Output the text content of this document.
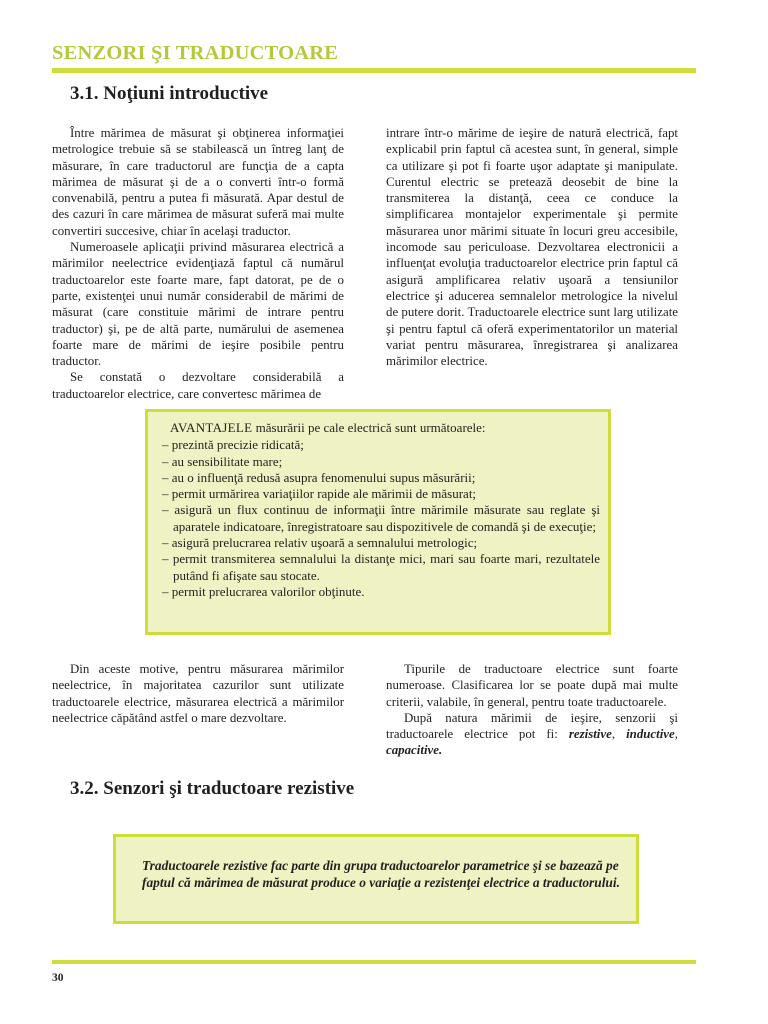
SENZORI ŞI TRADUCTOARE
3.1. Noţiuni introductive

Între mărimea de măsurat şi obţinerea informaţiei metrologice trebuie să se stabilească un întreg lanţ de măsurare, în care traductorul are funcţia de a capta mărimea de măsurat şi de a o converti într-o formă convenabilă, pentru a putea fi măsurată. Apar destul de des cazuri în care mărimea de măsurat suferă mai multe convertiri succesive, chiar în acelaşi traductor.

Numeroasele aplicaţii privind măsurarea electrică a mărimilor neelectrice evidenţiază faptul că numărul traductoarelor este foarte mare, fapt datorat, pe de o parte, existenţei unui număr considerabil de mărimi de măsurat (care constituie mărimi de intrare pentru traductor) şi, pe de altă parte, numărului de asemenea foarte mare de mărimi de ieşire posibile pentru traductor.

Se constată o dezvoltare considerabilă a traductoarelor electrice, care convertesc mărimea de

intrare într-o mărime de ieşire de natură electrică, fapt explicabil prin faptul că acestea sunt, în general, simple ca utilizare şi pot fi foarte uşor adaptate şi manipulate. Curentul electric se pretează deosebit de bine la transmiterea la distanţă, ceea ce conduce la simplificarea montajelor experimentale şi permite măsurarea unor mărimi situate în locuri greu accesibile, incomode sau periculoase. Dezvoltarea electronicii a influenţat evoluţia traductoarelor electrice prin faptul că asigură amplificarea relativ uşoară a tensiunilor electrice şi aducerea semnalelor metrologice la nivelul de putere dorit. Traductoarele electrice sunt larg utilizate şi pentru faptul că oferă experimentatorilor un material variat pentru măsurarea, înregistrarea şi analizarea mărimilor electrice.

AVANTAJELE măsurării pe cale electrică sunt următoarele:

– prezintă precizie ridicată;
– au sensibilitate mare;
– au o influenţă redusă asupra fenomenului supus măsurării;
– permit urmărirea variaţiilor rapide ale mărimii de măsurat;
– asigură un flux continuu de informaţii între mărimile măsurate sau reglate şi aparatele indicatoare, înregistratoare sau dispozitivele de comandă şi de execuţie;
– asigură prelucrarea relativ uşoară a semnalului metrologic;
– permit transmiterea semnalului la distanţe mici, mari sau foarte mari, rezultatele putând fi afişate sau stocate.
– permit prelucrarea valorilor obţinute.

Din aceste motive, pentru măsurarea mărimilor neelectrice, în majoritatea cazurilor sunt utilizate traductoarele electrice, măsurarea electrică a mărimilor neelectrice căpătând astfel o mare dezvoltare.

Tipurile de traductoare electrice sunt foarte numeroase. Clasificarea lor se poate după mai multe criterii, valabile, în general, pentru toate traductoarele.

După natura mărimii de ieşire, senzorii şi traductoarele electrice pot fi: rezistive, inductive, capacitive.

3.2. Senzori şi traductoare rezistive
Traductoarele rezistive fac parte din grupa traductoarelor parametrice şi se bazează pe faptul că mărimea de măsurat produce o variaţie a rezistenţei electrice a traductorului.
30
